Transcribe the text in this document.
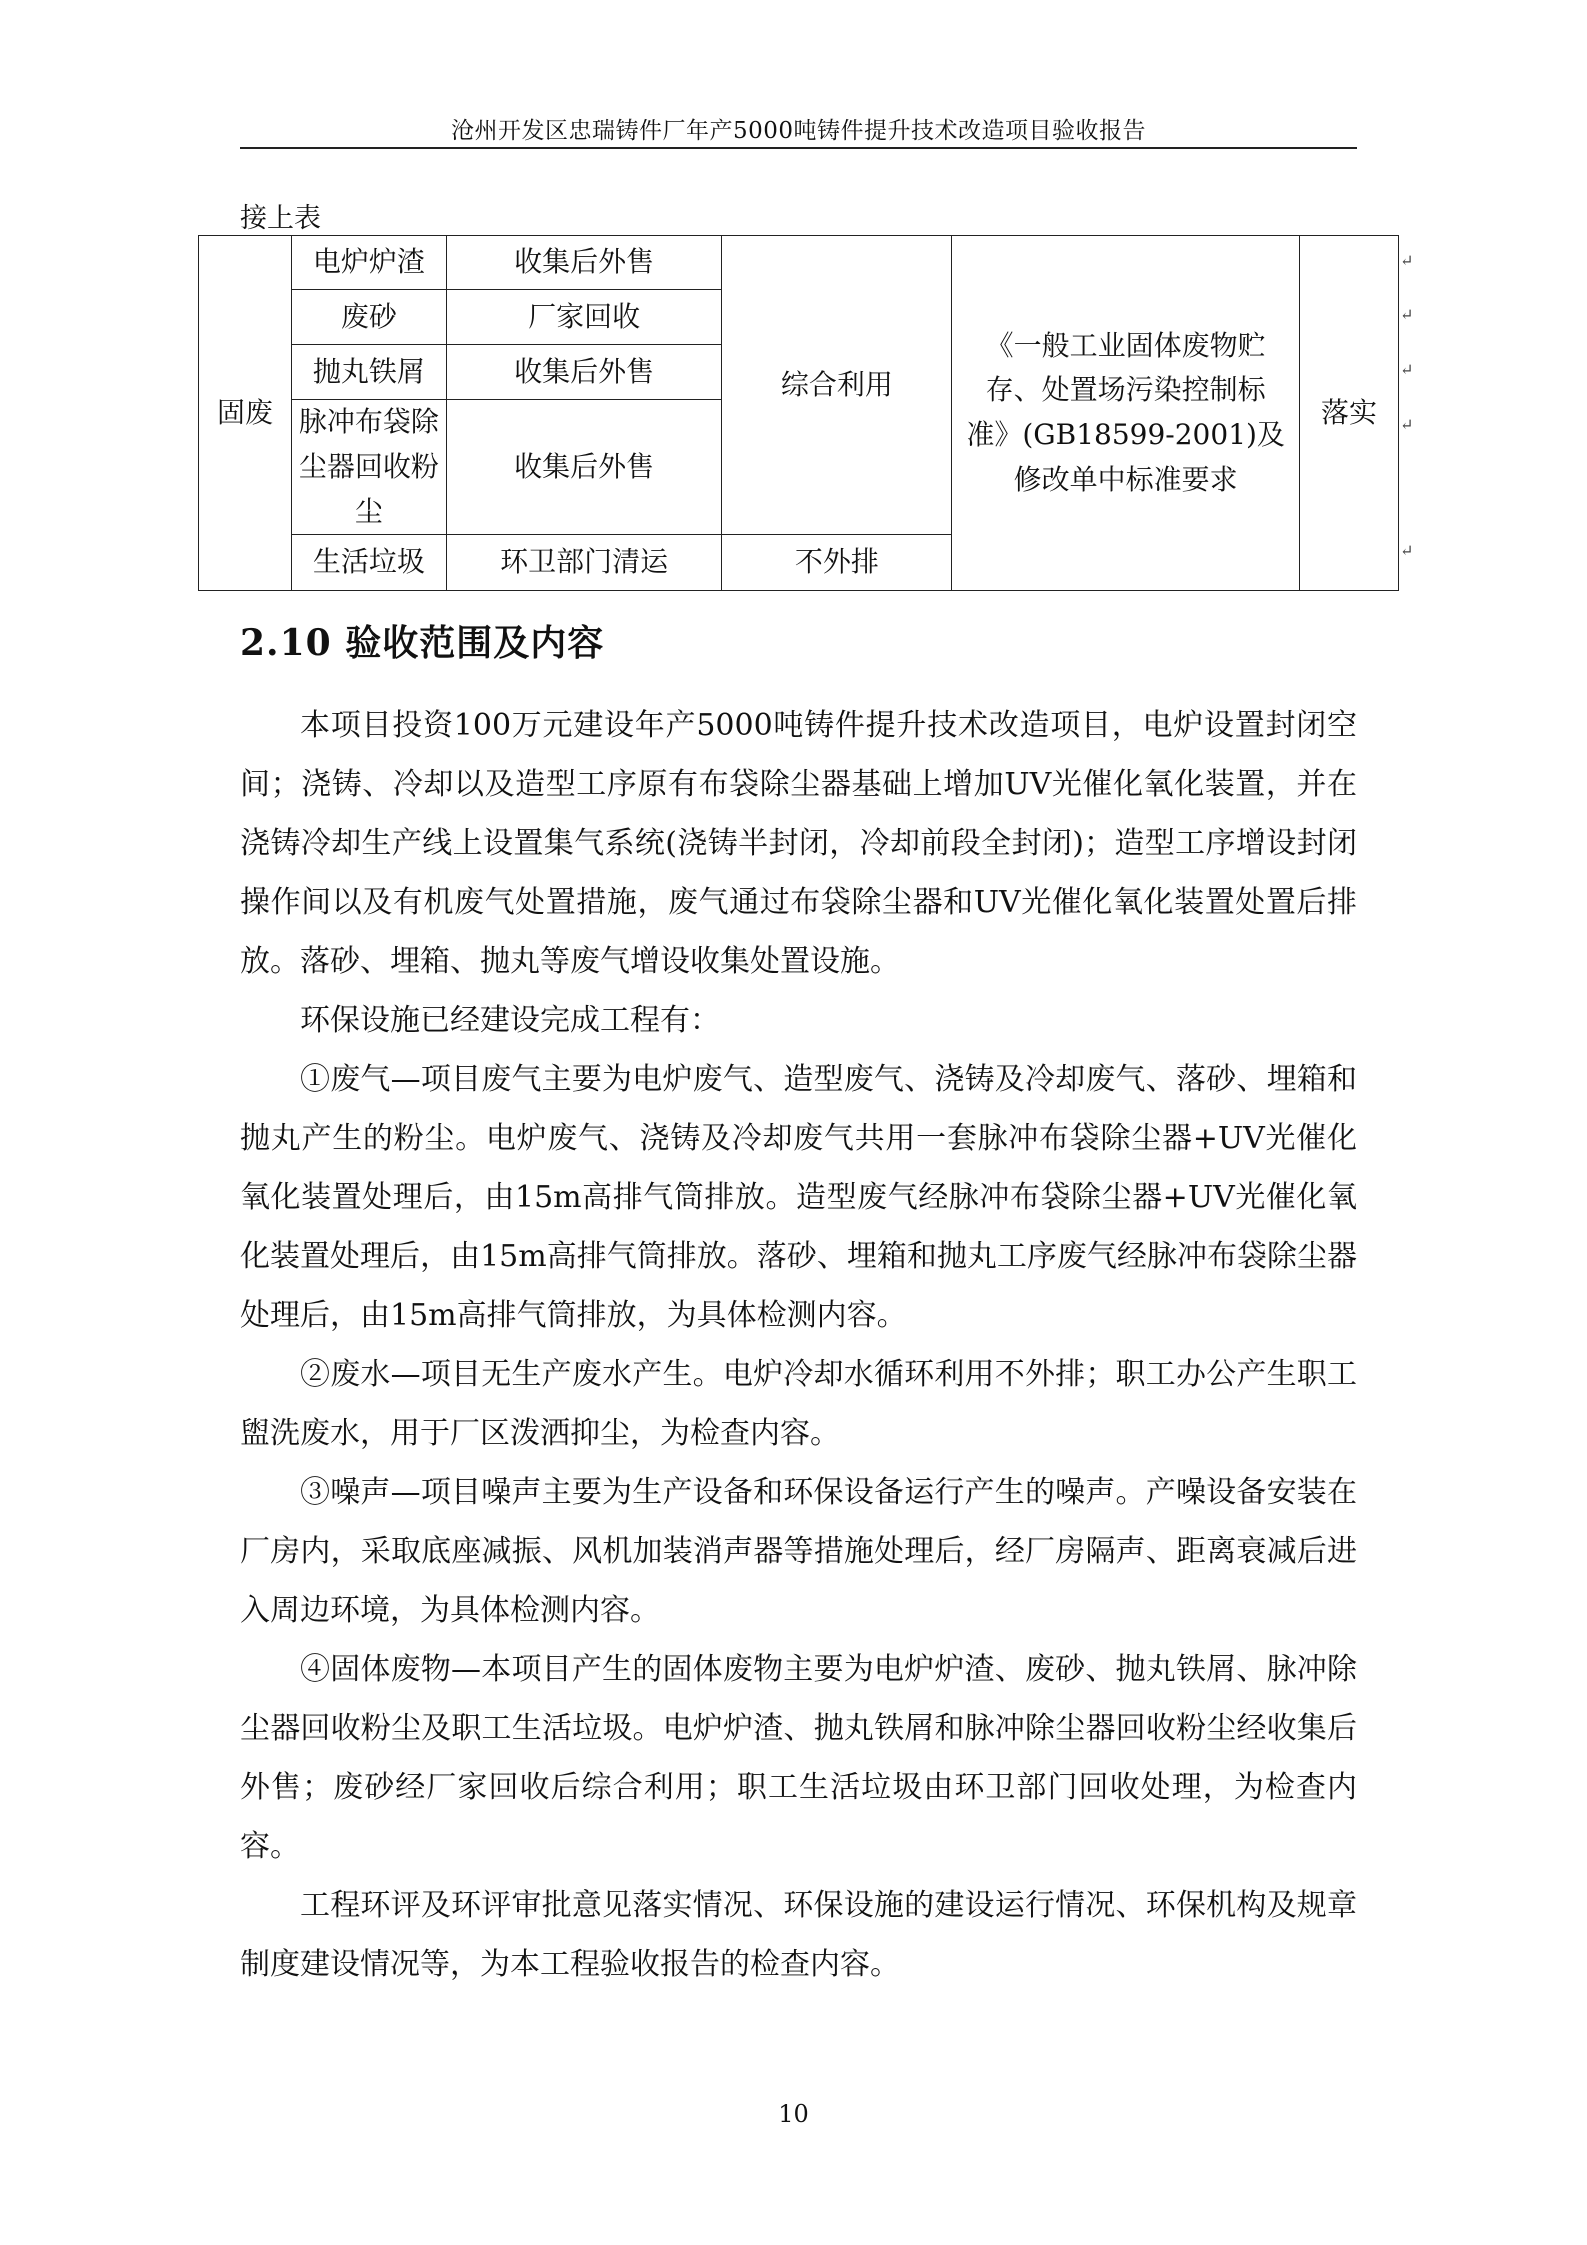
沧州开发区忠瑞铸件厂年产5000吨铸件提升技术改造项目验收报告
接上表
固废	电炉炉渣	收集后外售	综合利用	《一般工业固体废物贮存、处置场污染控制标准》(GB18599-2001)及修改单中标准要求	落实
	废砂	厂家回收			
	抛丸铁屑	收集后外售			
	脉冲布袋除尘器回收粉尘	收集后外售			
	生活垃圾	环卫部门清运	不外排		
↵
↵
↵
↵
↵
2.10 验收范围及内容

本项目投资100万元建设年产5000吨铸件提升技术改造项目，电炉设置封闭空间；浇铸、冷却以及造型工序原有布袋除尘器基础上增加UV光催化氧化装置，并在浇铸冷却生产线上设置集气系统(浇铸半封闭，冷却前段全封闭)；造型工序增设封闭操作间以及有机废气处置措施，废气通过布袋除尘器和UV光催化氧化装置处置后排放。落砂、埋箱、抛丸等废气增设收集处置设施。

环保设施已经建设完成工程有：

①废气—项目废气主要为电炉废气、造型废气、浇铸及冷却废气、落砂、埋箱和抛丸产生的粉尘。电炉废气、浇铸及冷却废气共用一套脉冲布袋除尘器+UV光催化氧化装置处理后，由15m高排气筒排放。造型废气经脉冲布袋除尘器+UV光催化氧化装置处理后，由15m高排气筒排放。落砂、埋箱和抛丸工序废气经脉冲布袋除尘器处理后，由15m高排气筒排放，为具体检测内容。

②废水—项目无生产废水产生。电炉冷却水循环利用不外排；职工办公产生职工盥洗废水，用于厂区泼洒抑尘，为检查内容。

③噪声—项目噪声主要为生产设备和环保设备运行产生的噪声。产噪设备安装在厂房内，采取底座减振、风机加装消声器等措施处理后，经厂房隔声、距离衰减后进入周边环境，为具体检测内容。

④固体废物—本项目产生的固体废物主要为电炉炉渣、废砂、抛丸铁屑、脉冲除尘器回收粉尘及职工生活垃圾。电炉炉渣、抛丸铁屑和脉冲除尘器回收粉尘经收集后外售；废砂经厂家回收后综合利用；职工生活垃圾由环卫部门回收处理，为检查内容。

工程环评及环评审批意见落实情况、环保设施的建设运行情况、环保机构及规章制度建设情况等，为本工程验收报告的检查内容。

10
